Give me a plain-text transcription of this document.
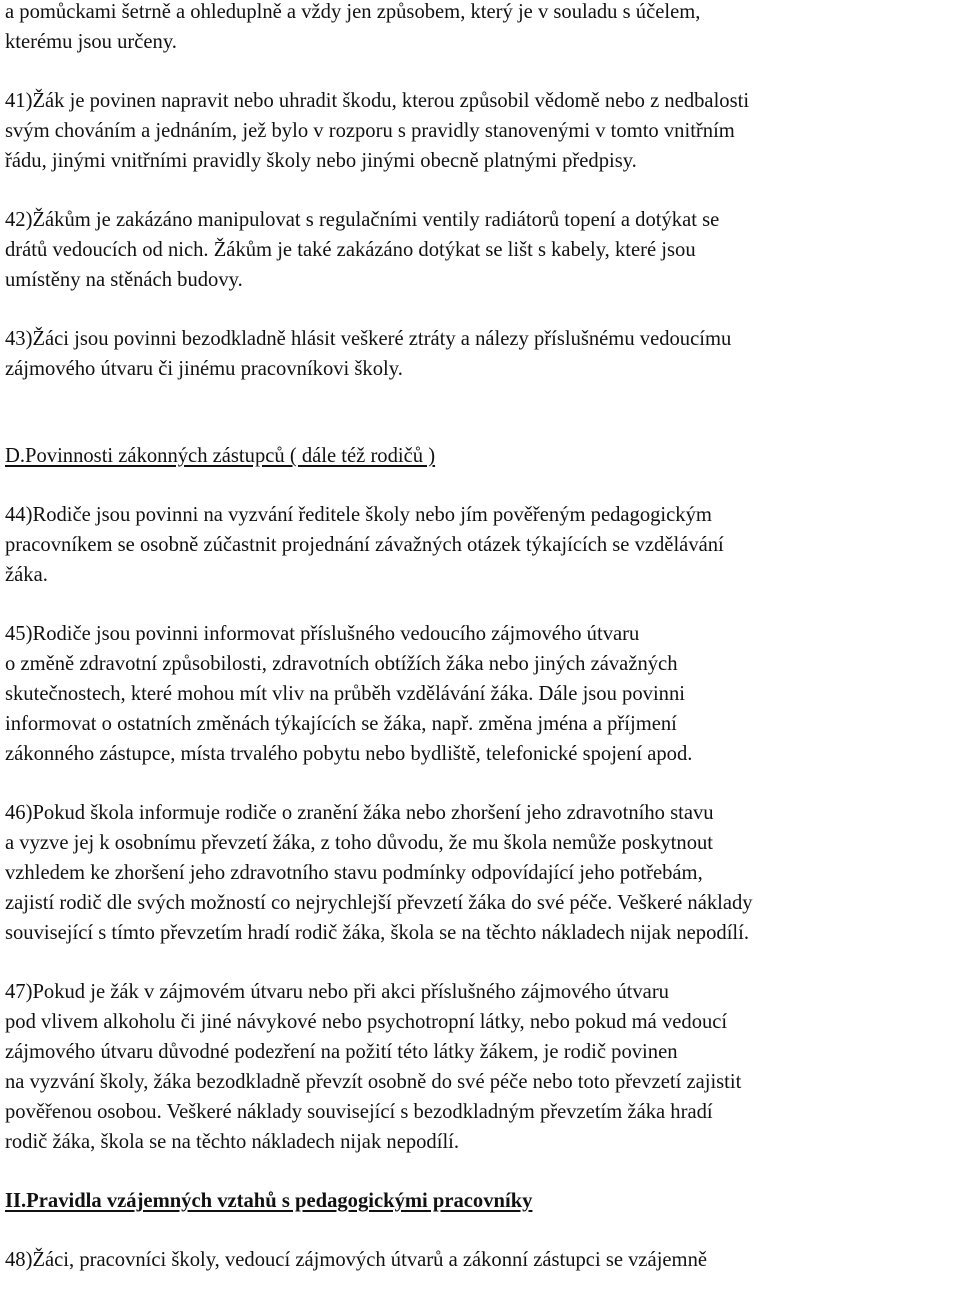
a pomůckami šetrně a ohleduplně a vždy jen způsobem, který je v souladu s účelem,
kterému jsou určeny.
41)Žák je povinen napravit nebo uhradit škodu, kterou způsobil vědomě nebo z nedbalosti
svým chováním a jednáním, jež bylo v rozporu s pravidly stanovenými v tomto vnitřním
řádu, jinými vnitřními pravidly školy nebo jinými obecně platnými předpisy.
42)Žákům je zakázáno manipulovat s regulačními ventily radiátorů topení a dotýkat se
drátů vedoucích od nich. Žákům je také zakázáno dotýkat se lišt s kabely, které jsou
umístěny na stěnách budovy.
43)Žáci jsou povinni bezodkladně hlásit veškeré ztráty a nálezy příslušnému vedoucímu
zájmového útvaru či jinému pracovníkovi školy.
D.Povinnosti zákonných zástupců ( dále též rodičů )
44)Rodiče jsou povinni na vyzvání ředitele školy nebo jím pověřeným pedagogickým
pracovníkem se osobně zúčastnit projednání závažných otázek týkajících se vzdělávání
žáka.
45)Rodiče jsou povinni informovat příslušného vedoucího zájmového útvaru
o změně zdravotní způsobilosti, zdravotních obtížích žáka nebo jiných závažných
skutečnostech, které mohou mít vliv na průběh vzdělávání žáka. Dále jsou povinni
informovat o ostatních změnách týkajících se žáka, např. změna jména a příjmení
zákonného zástupce, místa trvalého pobytu nebo bydliště, telefonické spojení apod.
46)Pokud škola informuje rodiče o zranění žáka nebo zhoršení jeho zdravotního stavu
a vyzve jej k osobnímu převzetí žáka, z toho důvodu, že mu škola nemůže poskytnout
vzhledem ke zhoršení jeho zdravotního stavu podmínky odpovídající jeho potřebám,
zajistí rodič dle svých možností co nejrychlejší převzetí žáka do své péče. Veškeré náklady
související s tímto převzetím hradí rodič žáka, škola se na těchto nákladech nijak nepodílí.
47)Pokud je žák v zájmovém útvaru nebo při akci příslušného zájmového útvaru
pod vlivem alkoholu či jiné návykové nebo psychotropní látky, nebo pokud má vedoucí
zájmového útvaru důvodné podezření na požití této látky žákem, je rodič povinen
na vyzvání školy, žáka bezodkladně převzít osobně do své péče nebo toto převzetí zajistit
pověřenou osobou. Veškeré náklady související s bezodkladným převzetím žáka hradí
rodič žáka, škola se na těchto nákladech nijak nepodílí.
II.Pravidla vzájemných vztahů s pedagogickými pracovníky
48)Žáci, pracovníci školy, vedoucí zájmových útvarů a zákonní zástupci se vzájemně
